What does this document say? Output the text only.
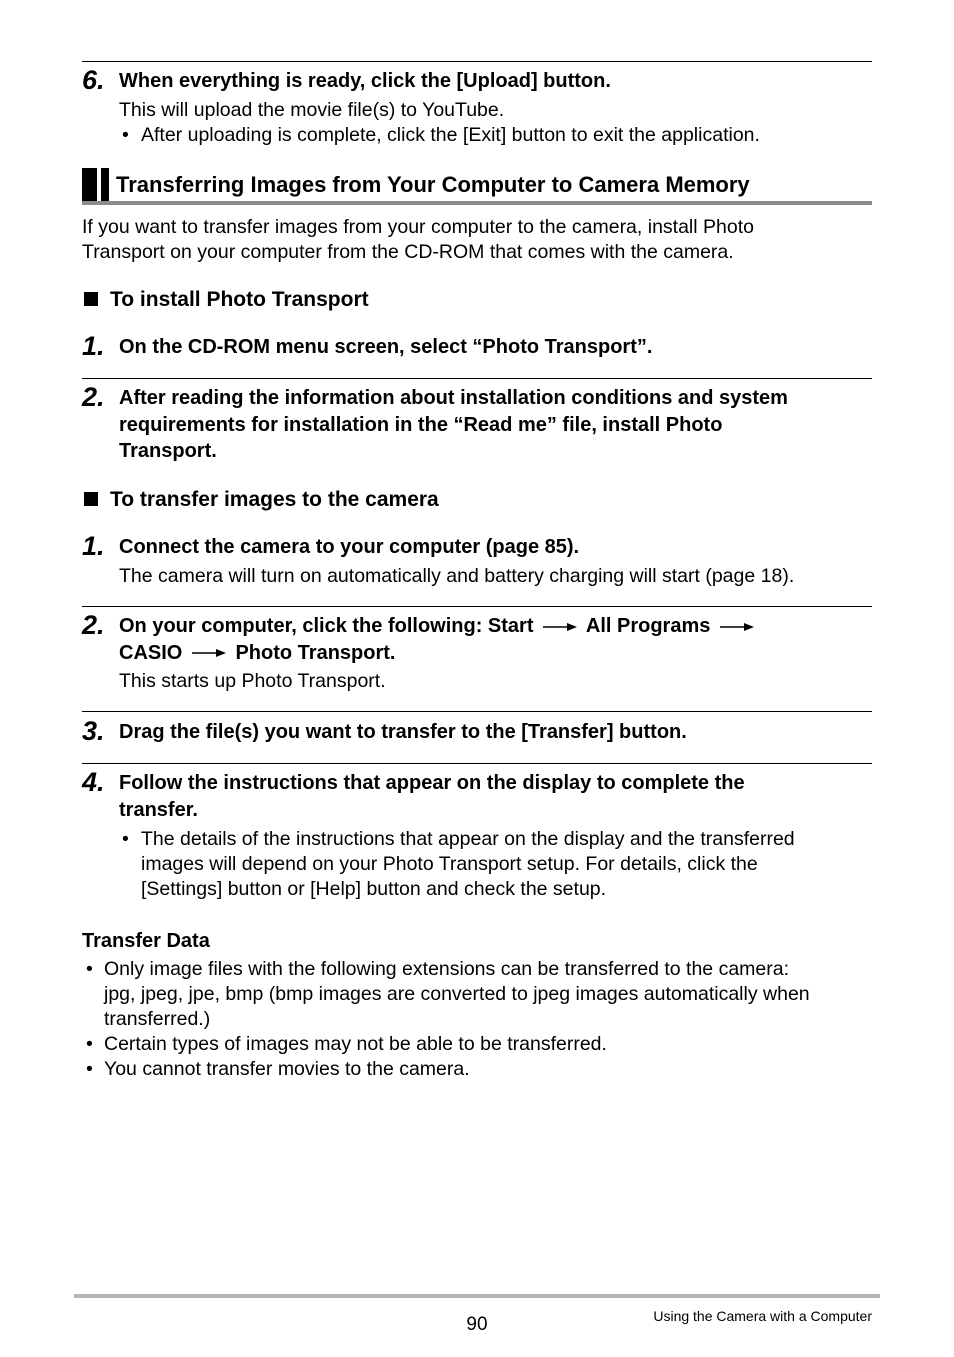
6. When everything is ready, click the [Upload] button.
This will upload the movie file(s) to YouTube.
• After uploading is complete, click the [Exit] button to exit the application.
Transferring Images from Your Computer to Camera Memory
If you want to transfer images from your computer to the camera, install Photo
Transport on your computer from the CD-ROM that comes with the camera.
To install Photo Transport
1. On the CD-ROM menu screen, select “Photo Transport”.
2. After reading the information about installation conditions and system
requirements for installation in the “Read me” file, install Photo
Transport.
To transfer images to the camera
1. Connect the camera to your computer (page 85).
The camera will turn on automatically and battery charging will start (page 18).
2. On your computer, click the following: Start	All Programs
CASIO	Photo Transport.
This starts up Photo Transport.
3. Drag the file(s) you want to transfer to the [Transfer] button.
4. Follow the instructions that appear on the display to complete the
transfer.
• The details of the instructions that appear on the display and the transferred
images will depend on your Photo Transport setup. For details, click the
[Settings] button or [Help] button and check the setup.
Transfer Data
• Only image files with the following extensions can be transferred to the camera:
jpg, jpeg, jpe, bmp (bmp images are converted to jpeg images automatically when
transferred.)
• Certain types of images may not be able to be transferred.
• You cannot transfer movies to the camera.
90	Using the Camera with a Computer
